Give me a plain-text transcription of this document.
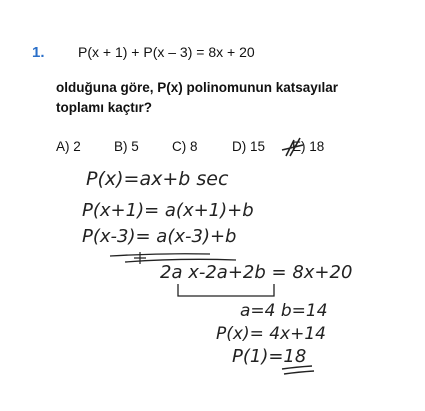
1. P(x + 1) + P(x – 3) = 8x + 20
olduğuna göre, P(x) polinomunun katsayılar toplamı kaçtır?
A) 2 B) 5 C) 8	D) 15 E) 18
P(x)=ax+b sec
P(x+1)= a(x+1)+b
P(x-3)= a(x-3)+b
2a x-2a+2b = 8x+20
a=4 b=14
P(x)= 4x+14
P(1)=18
